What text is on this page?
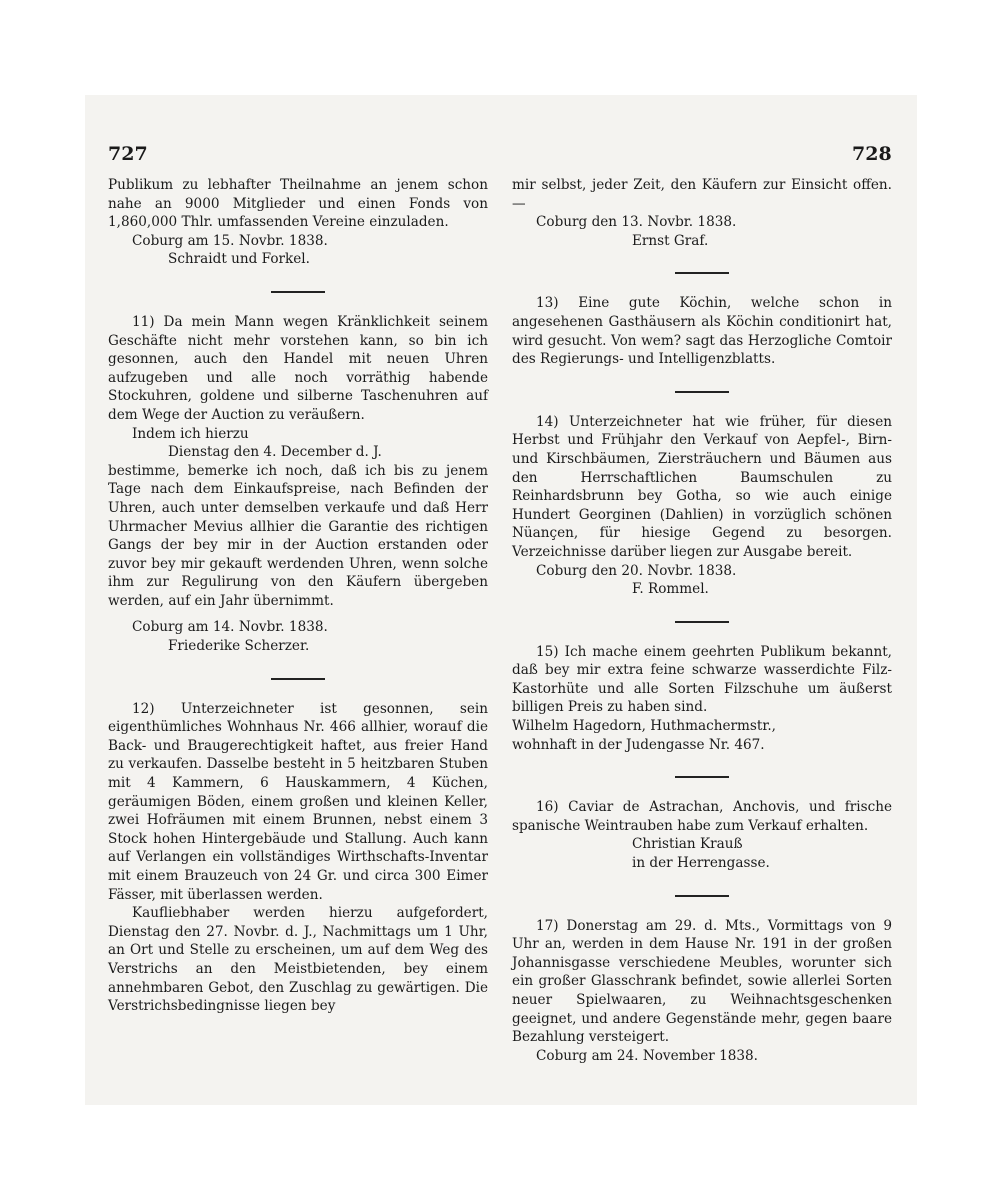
727	728

Publikum zu lebhafter Theilnahme an jenem schon nahe an 9000 Mitglieder und einen Fonds von 1,860,000 Thlr. umfassenden Vereine einzuladen.

Coburg am 15. Novbr. 1838.

Schraidt und Forkel.

11) Da mein Mann wegen Kränklichkeit seinem Geschäfte nicht mehr vorstehen kann, so bin ich gesonnen, auch den Handel mit neuen Uhren aufzugeben und alle noch vorräthig habende Stockuhren, goldene und silberne Taschenuhren auf dem Wege der Auction zu veräußern.

Indem ich hierzu

Dienstag den 4. December d. J.

bestimme, bemerke ich noch, daß ich bis zu jenem Tage nach dem Einkaufspreise, nach Befinden der Uhren, auch unter demselben verkaufe und daß Herr Uhrmacher Mevius allhier die Garantie des richtigen Gangs der bey mir in der Auction erstanden oder zuvor bey mir gekauft werdenden Uhren, wenn solche ihm zur Regulirung von den Käufern übergeben werden, auf ein Jahr übernimmt.

Coburg am 14. Novbr. 1838.

Friederike Scherzer.

12) Unterzeichneter ist gesonnen, sein eigenthümliches Wohnhaus Nr. 466 allhier, worauf die Back- und Braugerechtigkeit haftet, aus freier Hand zu verkaufen. Dasselbe besteht in 5 heitzbaren Stuben mit 4 Kammern, 6 Hauskammern, 4 Küchen, geräumigen Böden, einem großen und kleinen Keller, zwei Hofräumen mit einem Brunnen, nebst einem 3 Stock hohen Hintergebäude und Stallung. Auch kann auf Verlangen ein vollständiges Wirthschafts-Inventar mit einem Brauzeuch von 24 Gr. und circa 300 Eimer Fässer, mit überlassen werden.

Kaufliebhaber werden hierzu aufgefordert, Dienstag den 27. Novbr. d. J., Nachmittags um 1 Uhr, an Ort und Stelle zu erscheinen, um auf dem Weg des Verstrichs an den Meistbietenden, bey einem annehmbaren Gebot, den Zuschlag zu gewärtigen. Die Verstrichsbedingnisse liegen bey

mir selbst, jeder Zeit, den Käufern zur Einsicht offen. —

Coburg den 13. Novbr. 1838.

Ernst Graf.

13) Eine gute Köchin, welche schon in angesehenen Gasthäusern als Köchin conditionirt hat, wird gesucht. Von wem? sagt das Herzogliche Comtoir des Regierungs- und Intelligenzblatts.

14) Unterzeichneter hat wie früher, für diesen Herbst und Frühjahr den Verkauf von Aepfel-, Birn- und Kirschbäumen, Ziersträuchern und Bäumen aus den Herrschaftlichen Baumschulen zu Reinhardsbrunn bey Gotha, so wie auch einige Hundert Georginen (Dahlien) in vorzüglich schönen Nüançen, für hiesige Gegend zu besorgen. Verzeichnisse darüber liegen zur Ausgabe bereit.

Coburg den 20. Novbr. 1838.

F. Rommel.

15) Ich mache einem geehrten Publikum bekannt, daß bey mir extra feine schwarze wasserdichte Filz- Kastorhüte und alle Sorten Filzschuhe um äußerst billigen Preis zu haben sind.

Wilhelm Hagedorn, Huthmachermstr.,

wohnhaft in der Judengasse Nr. 467.

16) Caviar de Astrachan, Anchovis, und frische spanische Weintrauben habe zum Verkauf erhalten.

Christian Krauß

in der Herrengasse.

17) Donerstag am 29. d. Mts., Vormittags von 9 Uhr an, werden in dem Hause Nr. 191 in der großen Johannisgasse verschiedene Meubles, worunter sich ein großer Glasschrank befindet, sowie allerlei Sorten neuer Spielwaaren, zu Weihnachtsgeschenken geeignet, und andere Gegenstände mehr, gegen baare Bezahlung versteigert.

Coburg am 24. November 1838.
